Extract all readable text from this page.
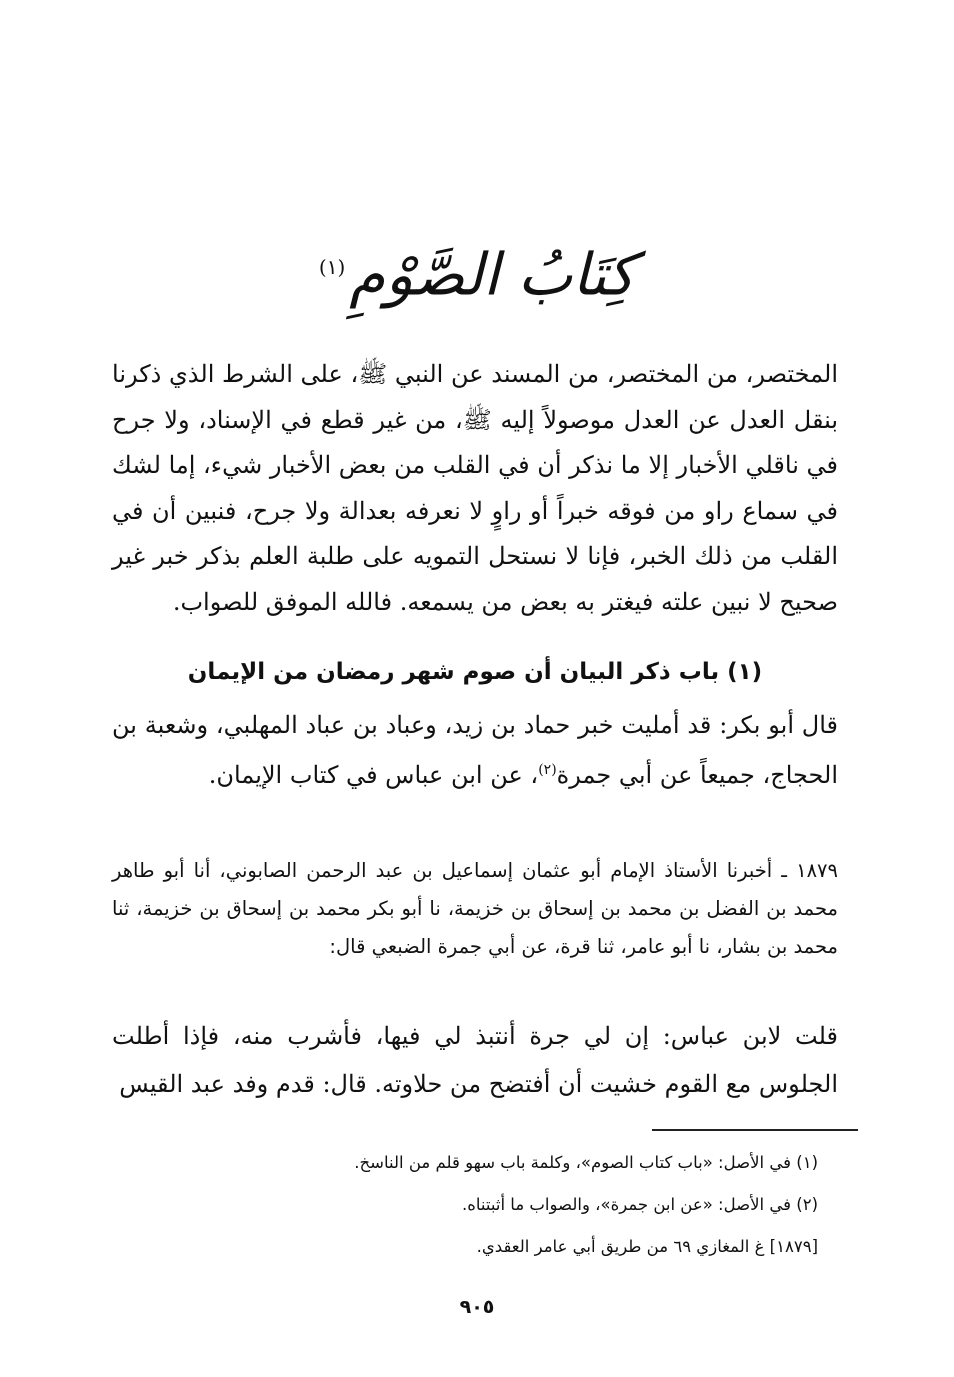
كِتَابُ الصَّوْمِ$^{(١)}$

المختصر، من المختصر، من المسند عن النبي ﷺ، على الشرط الذي ذكرنا بنقل العدل عن العدل موصولاً إليه ﷺ، من غير قطع في الإسناد، ولا جرح في ناقلي الأخبار إلا ما نذكر أن في القلب من بعض الأخبار شيء، إما لشك في سماع راو من فوقه خبراً أو راوٍ لا نعرفه بعدالة ولا جرح، فنبين أن في القلب من ذلك الخبر، فإنا لا نستحل التمويه على طلبة العلم بذكر خبر غير صحيح لا نبين علته فيغتر به بعض من يسمعه. فالله الموفق للصواب.

(١) باب ذكر البيان أن صوم شهر رمضان من الإيمان

قال أبو بكر: قد أمليت خبر حماد بن زيد، وعباد بن عباد المهلبي، وشعبة بن الحجاج، جميعاً عن أبي جمرة$^{(٢)}$، عن ابن عباس في كتاب الإيمان.

١٨٧٩ ـ أخبرنا الأستاذ الإمام أبو عثمان إسماعيل بن عبد الرحمن الصابوني، أنا أبو طاهر محمد بن الفضل بن محمد بن إسحاق بن خزيمة، نا أبو بكر محمد بن إسحاق بن خزيمة، ثنا محمد بن بشار، نا أبو عامر، ثنا قرة، عن أبي جمرة الضبعي قال:

قلت لابن عباس: إن لي جرة أنتبذ لي فيها، فأشرب منه، فإذا أطلت الجلوس مع القوم خشيت أن أفتضح من حلاوته. قال: قدم وفد عبد القيس

(١) في الأصل: «باب كتاب الصوم»، وكلمة باب سهو قلم من الناسخ.
(٢) في الأصل: «عن ابن جمرة»، والصواب ما أثبتناه.
[١٨٧٩] غ المغازي ٦٩ من طريق أبي عامر العقدي.
٩٠٥
